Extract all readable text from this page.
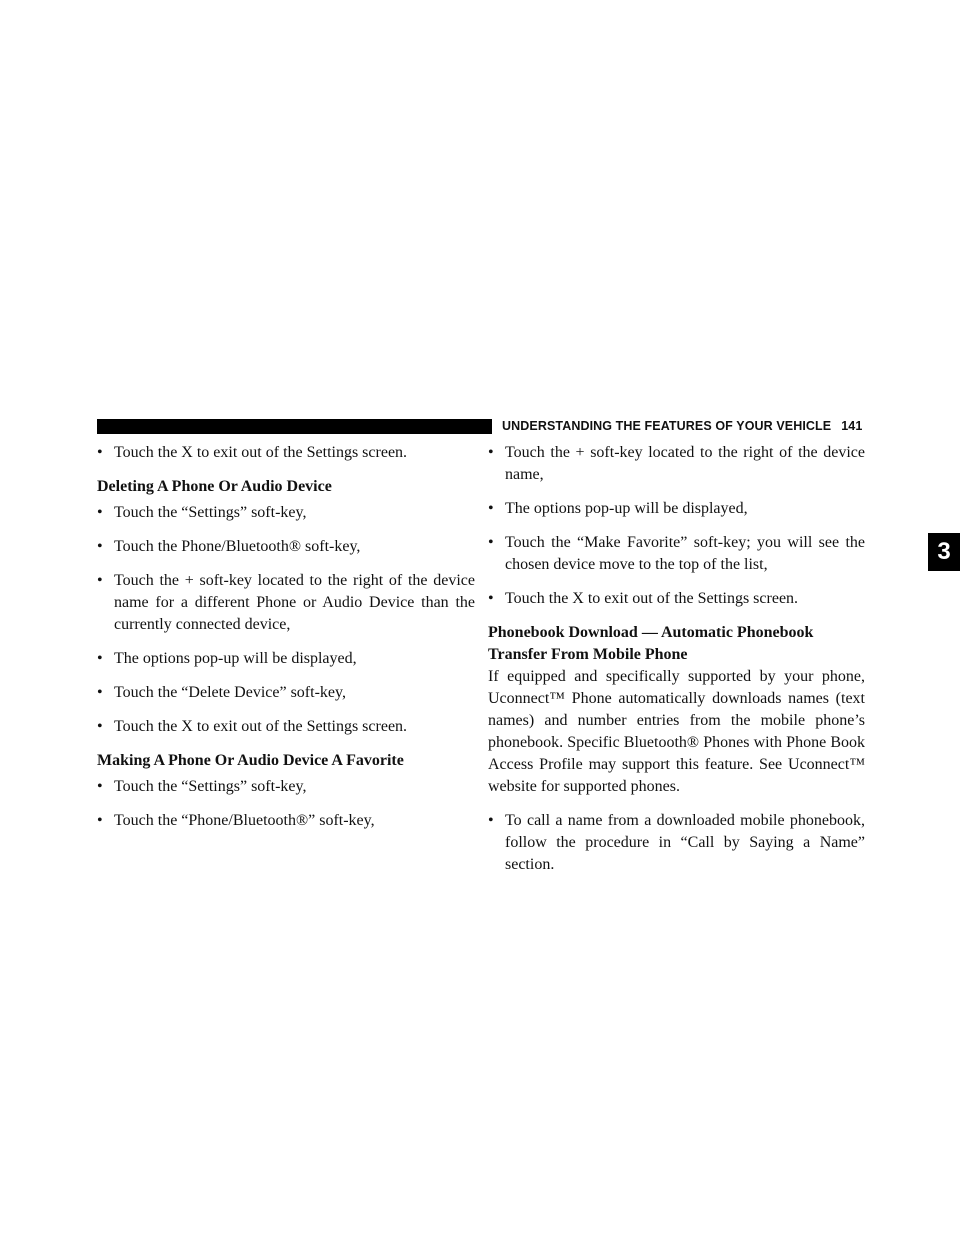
UNDERSTANDING THE FEATURES OF YOUR VEHICLE 141
3
• Touch the X to exit out of the Settings screen.
Deleting A Phone Or Audio Device
• Touch the “Settings” soft-key,
• Touch the Phone/Bluetooth® soft-key,
• Touch the + soft-key located to the right of the device name for a different Phone or Audio Device than the currently connected device,
• The options pop-up will be displayed,
• Touch the “Delete Device” soft-key,
• Touch the X to exit out of the Settings screen.
Making A Phone Or Audio Device A Favorite
• Touch the “Settings” soft-key,
• Touch the “Phone/Bluetooth®” soft-key,
• Touch the + soft-key located to the right of the device name,
• The options pop-up will be displayed,
• Touch the “Make Favorite” soft-key; you will see the chosen device move to the top of the list,
• Touch the X to exit out of the Settings screen.
Phonebook Download — Automatic Phonebook
Transfer From Mobile Phone
If equipped and specifically supported by your phone, Uconnect™ Phone automatically downloads names (text names) and number entries from the mobile phone’s phonebook. Specific Bluetooth® Phones with Phone Book Access Profile may support this feature. See Uconnect™ website for supported phones.
• To call a name from a downloaded mobile phonebook, follow the procedure in “Call by Saying a Name” section.
